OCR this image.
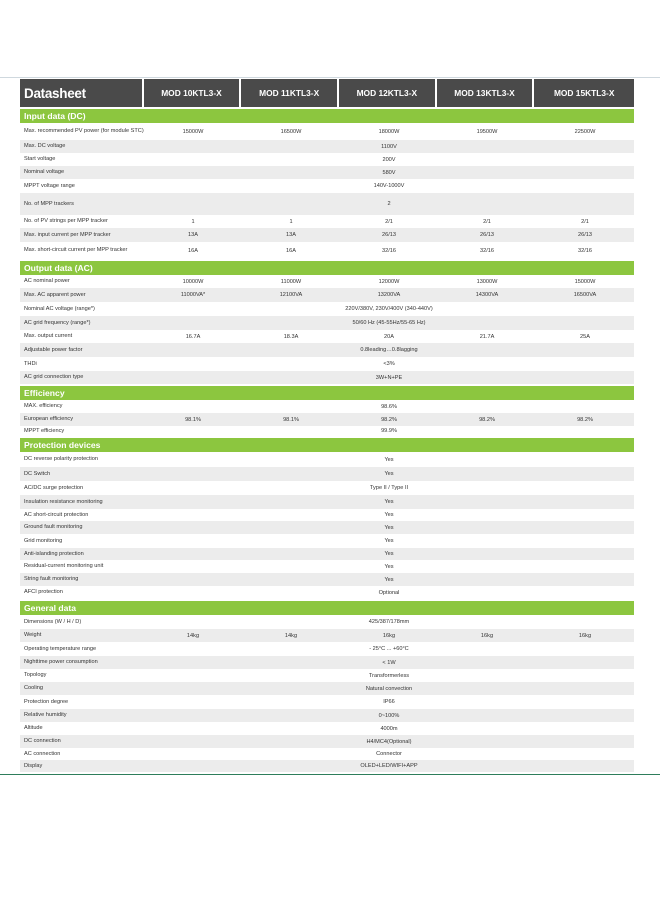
Datasheet	MOD 10KTL3-X	MOD 11KTL3-X	MOD 12KTL3-X	MOD 13KTL3-X	MOD 15KTL3-X
Input data (DC)
Max. recommended PV power (for module STC)	15000W	16500W	18000W	19500W	22500W
Max. DC voltage	1100V
Start voltage	200V
Nominal voltage	580V
MPPT voltage range	140V-1000V
No. of MPP trackers	2
No. of PV strings per MPP tracker	1	1	2/1	2/1	2/1
Max. input current per MPP tracker	13A	13A	26/13	26/13	26/13
Max. short-circuit current per MPP tracker	16A	16A	32/16	32/16	32/16
Output data (AC)
AC nominal power	10000W	11000W	12000W	13000W	15000W
Max. AC apparent power	11000VA*	12100VA	13200VA	14300VA	16500VA
Nominal AC voltage (range*)	220V/380V, 230V/400V (340-440V)
AC grid frequency (range*)	50/60 Hz (45-55Hz/55-65 Hz)
Max. output current	16.7A	18.3A	20A	21.7A	25A
Adjustable power factor	0.8leading…0.8lagging
THDi	<3%
AC grid connection type	3W+N+PE
Efficiency
MAX. efficiency	98.6%
European efficiency	98.1%	98.1%	98.2%	98.2%	98.2%
MPPT efficiency	99.9%
Protection devices
DC reverse polarity protection	Yes
DC Switch	Yes
AC/DC surge protection	Type II / Type II
Insulation resistance monitoring	Yes
AC short-circuit protection	Yes
Ground fault monitoring	Yes
Grid monitoring	Yes
Anti-islanding protection	Yes
Residual-current monitoring unit	Yes
String fault monitoring	Yes
AFCI protection	Optional
General data
Dimensions (W / H / D)	425/387/178mm
Weight	14kg	14kg	16kg	16kg	16kg
Operating temperature range	- 25°C ... +60°C
Nighttime power consumption	< 1W
Topology	Transformerless
Cooling	Natural convection
Protection degree	IP66
Relative humidity	0~100%
Altitude	4000m
DC connection	H4/MC4(Optional)
AC connection	Connector
Display	OLED+LED/WIFI+APP
